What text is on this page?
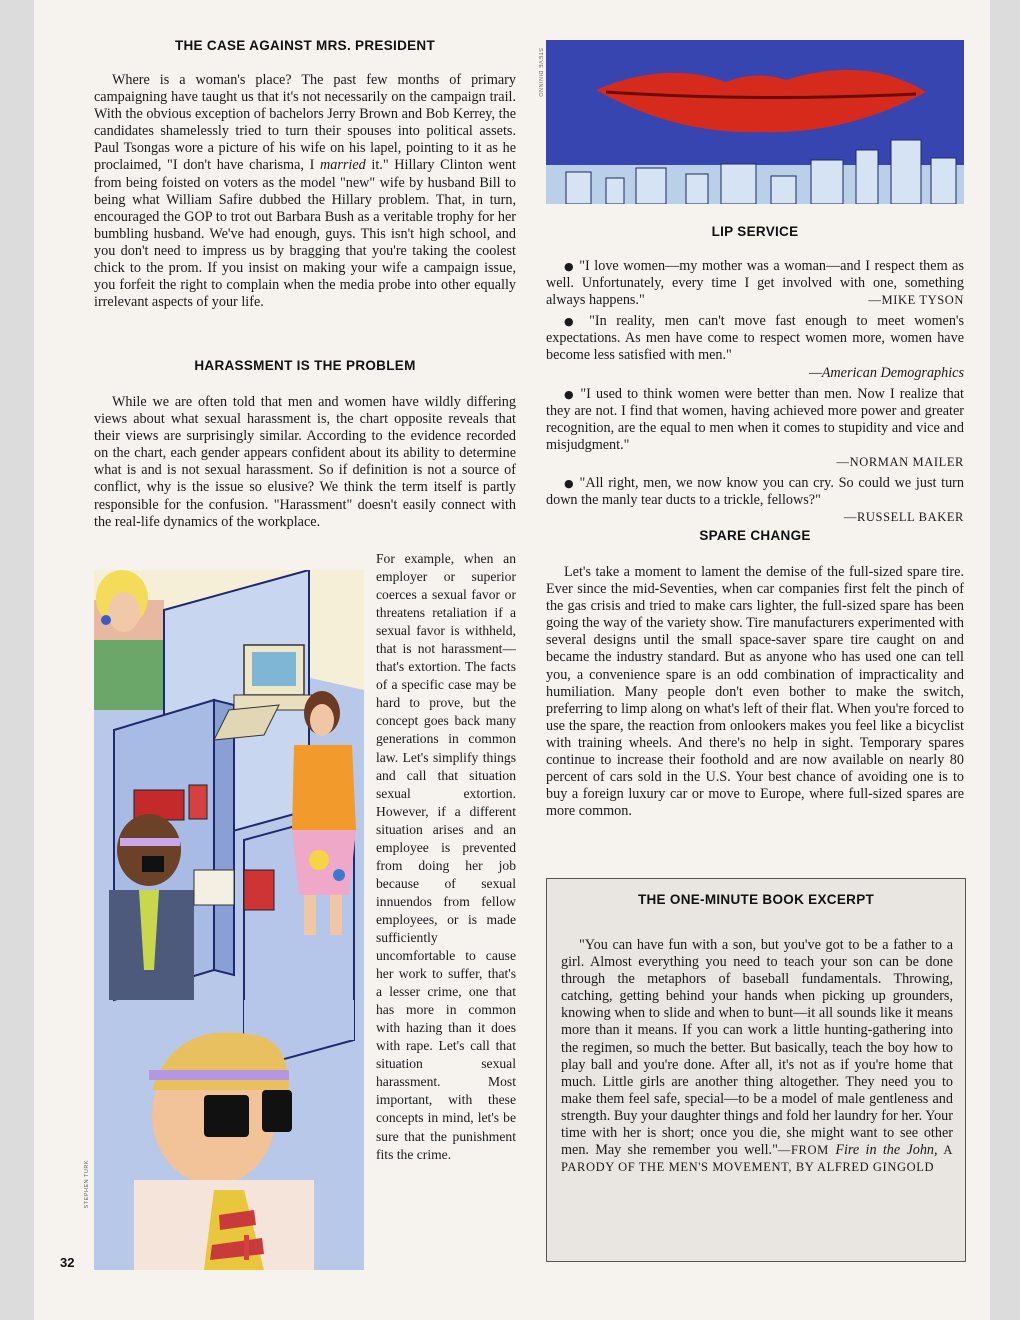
THE CASE AGAINST MRS. PRESIDENT

Where is a woman's place? The past few months of primary campaigning have taught us that it's not necessarily on the campaign trail. With the obvious exception of bachelors Jerry Brown and Bob Kerrey, the candidates shamelessly tried to turn their spouses into political assets. Paul Tsongas wore a picture of his wife on his lapel, pointing to it as he proclaimed, "I don't have charisma, I married it." Hillary Clinton went from being foisted on voters as the model "new" wife by husband Bill to being what William Safire dubbed the Hillary problem. That, in turn, encouraged the GOP to trot out Barbara Bush as a veritable trophy for her bumbling husband. We've had enough, guys. This isn't high school, and you don't need to impress us by bragging that you're taking the coolest chick to the prom. If you insist on making your wife a campaign issue, you forfeit the right to complain when the media probe into other equally irrelevant aspects of your life.

HARASSMENT IS THE PROBLEM

While we are often told that men and women have wildly differing views about what sexual harassment is, the chart opposite reveals that their views are surprisingly similar. According to the evidence recorded on the chart, each gender appears confident about its ability to determine what is and is not sexual harassment. So if definition is not a source of conflict, why is the issue so elusive? We think the term itself is partly responsible for the confusion. "Harassment" doesn't easily connect with the real-life dynamics of the workplace.

For example, when an employer or superior coerces a sexual favor or threatens retaliation if a sexual favor is withheld, that is not harassment—that's extortion. The facts of a specific case may be hard to prove, but the concept goes back many generations in common law. Let's simplify things and call that situation sexual extortion. However, if a different situation arises and an employee is prevented from doing her job because of sexual innuendos from fellow employees, or is made sufficiently uncomfortable to cause her work to suffer, that's a lesser crime, one that has more in common with hazing than it does with rape. Let's call that situation sexual harassment. Most important, with these concepts in mind, let's be sure that the punishment fits the crime.

STEPHEN TURK
STEVE DININNO
LIP SERVICE

● "I love women—my mother was a woman—and I respect them as well. Unfortunately, every time I get involved with one, something always happens."	—MIKE TYSON

● "In reality, men can't move fast enough to meet women's expectations. As men have come to respect women more, women have become less satisfied with men."

—American Demographics

● "I used to think women were better than men. Now I realize that they are not. I find that women, having achieved more power and greater recognition, are the equal to men when it comes to stupidity and vice and misjudgment."

—NORMAN MAILER

● "All right, men, we now know you can cry. So could we just turn down the manly tear ducts to a trickle, fellows?"

—RUSSELL BAKER
SPARE CHANGE

Let's take a moment to lament the demise of the full-sized spare tire. Ever since the mid-Seventies, when car companies first felt the pinch of the gas crisis and tried to make cars lighter, the full-sized spare has been going the way of the variety show. Tire manufacturers experimented with several designs until the small space-saver spare tire caught on and became the industry standard. But as anyone who has used one can tell you, a convenience spare is an odd combination of impracticality and humiliation. Many people don't even bother to make the switch, preferring to limp along on what's left of their flat. When you're forced to use the spare, the reaction from onlookers makes you feel like a bicyclist with training wheels. And there's no help in sight. Temporary spares continue to increase their foothold and are now available on nearly 80 percent of cars sold in the U.S. Your best chance of avoiding one is to buy a foreign luxury car or move to Europe, where full-sized spares are more common.

THE ONE-MINUTE BOOK EXCERPT

"You can have fun with a son, but you've got to be a father to a girl. Almost everything you need to teach your son can be done through the metaphors of baseball fundamentals. Throwing, catching, getting behind your hands when picking up grounders, knowing when to slide and when to bunt—it all sounds like it means more than it means. If you can work a little hunting-gathering into the regimen, so much the better. But basically, teach the boy how to play ball and you're done. After all, it's not as if you're home that much. Little girls are another thing altogether. They need you to make them feel safe, special—to be a model of male gentleness and strength. Buy your daughter things and fold her laundry for her. Your time with her is short; once you die, she might want to see other men. May she remember you well."—FROM Fire in the John, A PARODY OF THE MEN'S MOVEMENT, BY ALFRED GINGOLD

32
